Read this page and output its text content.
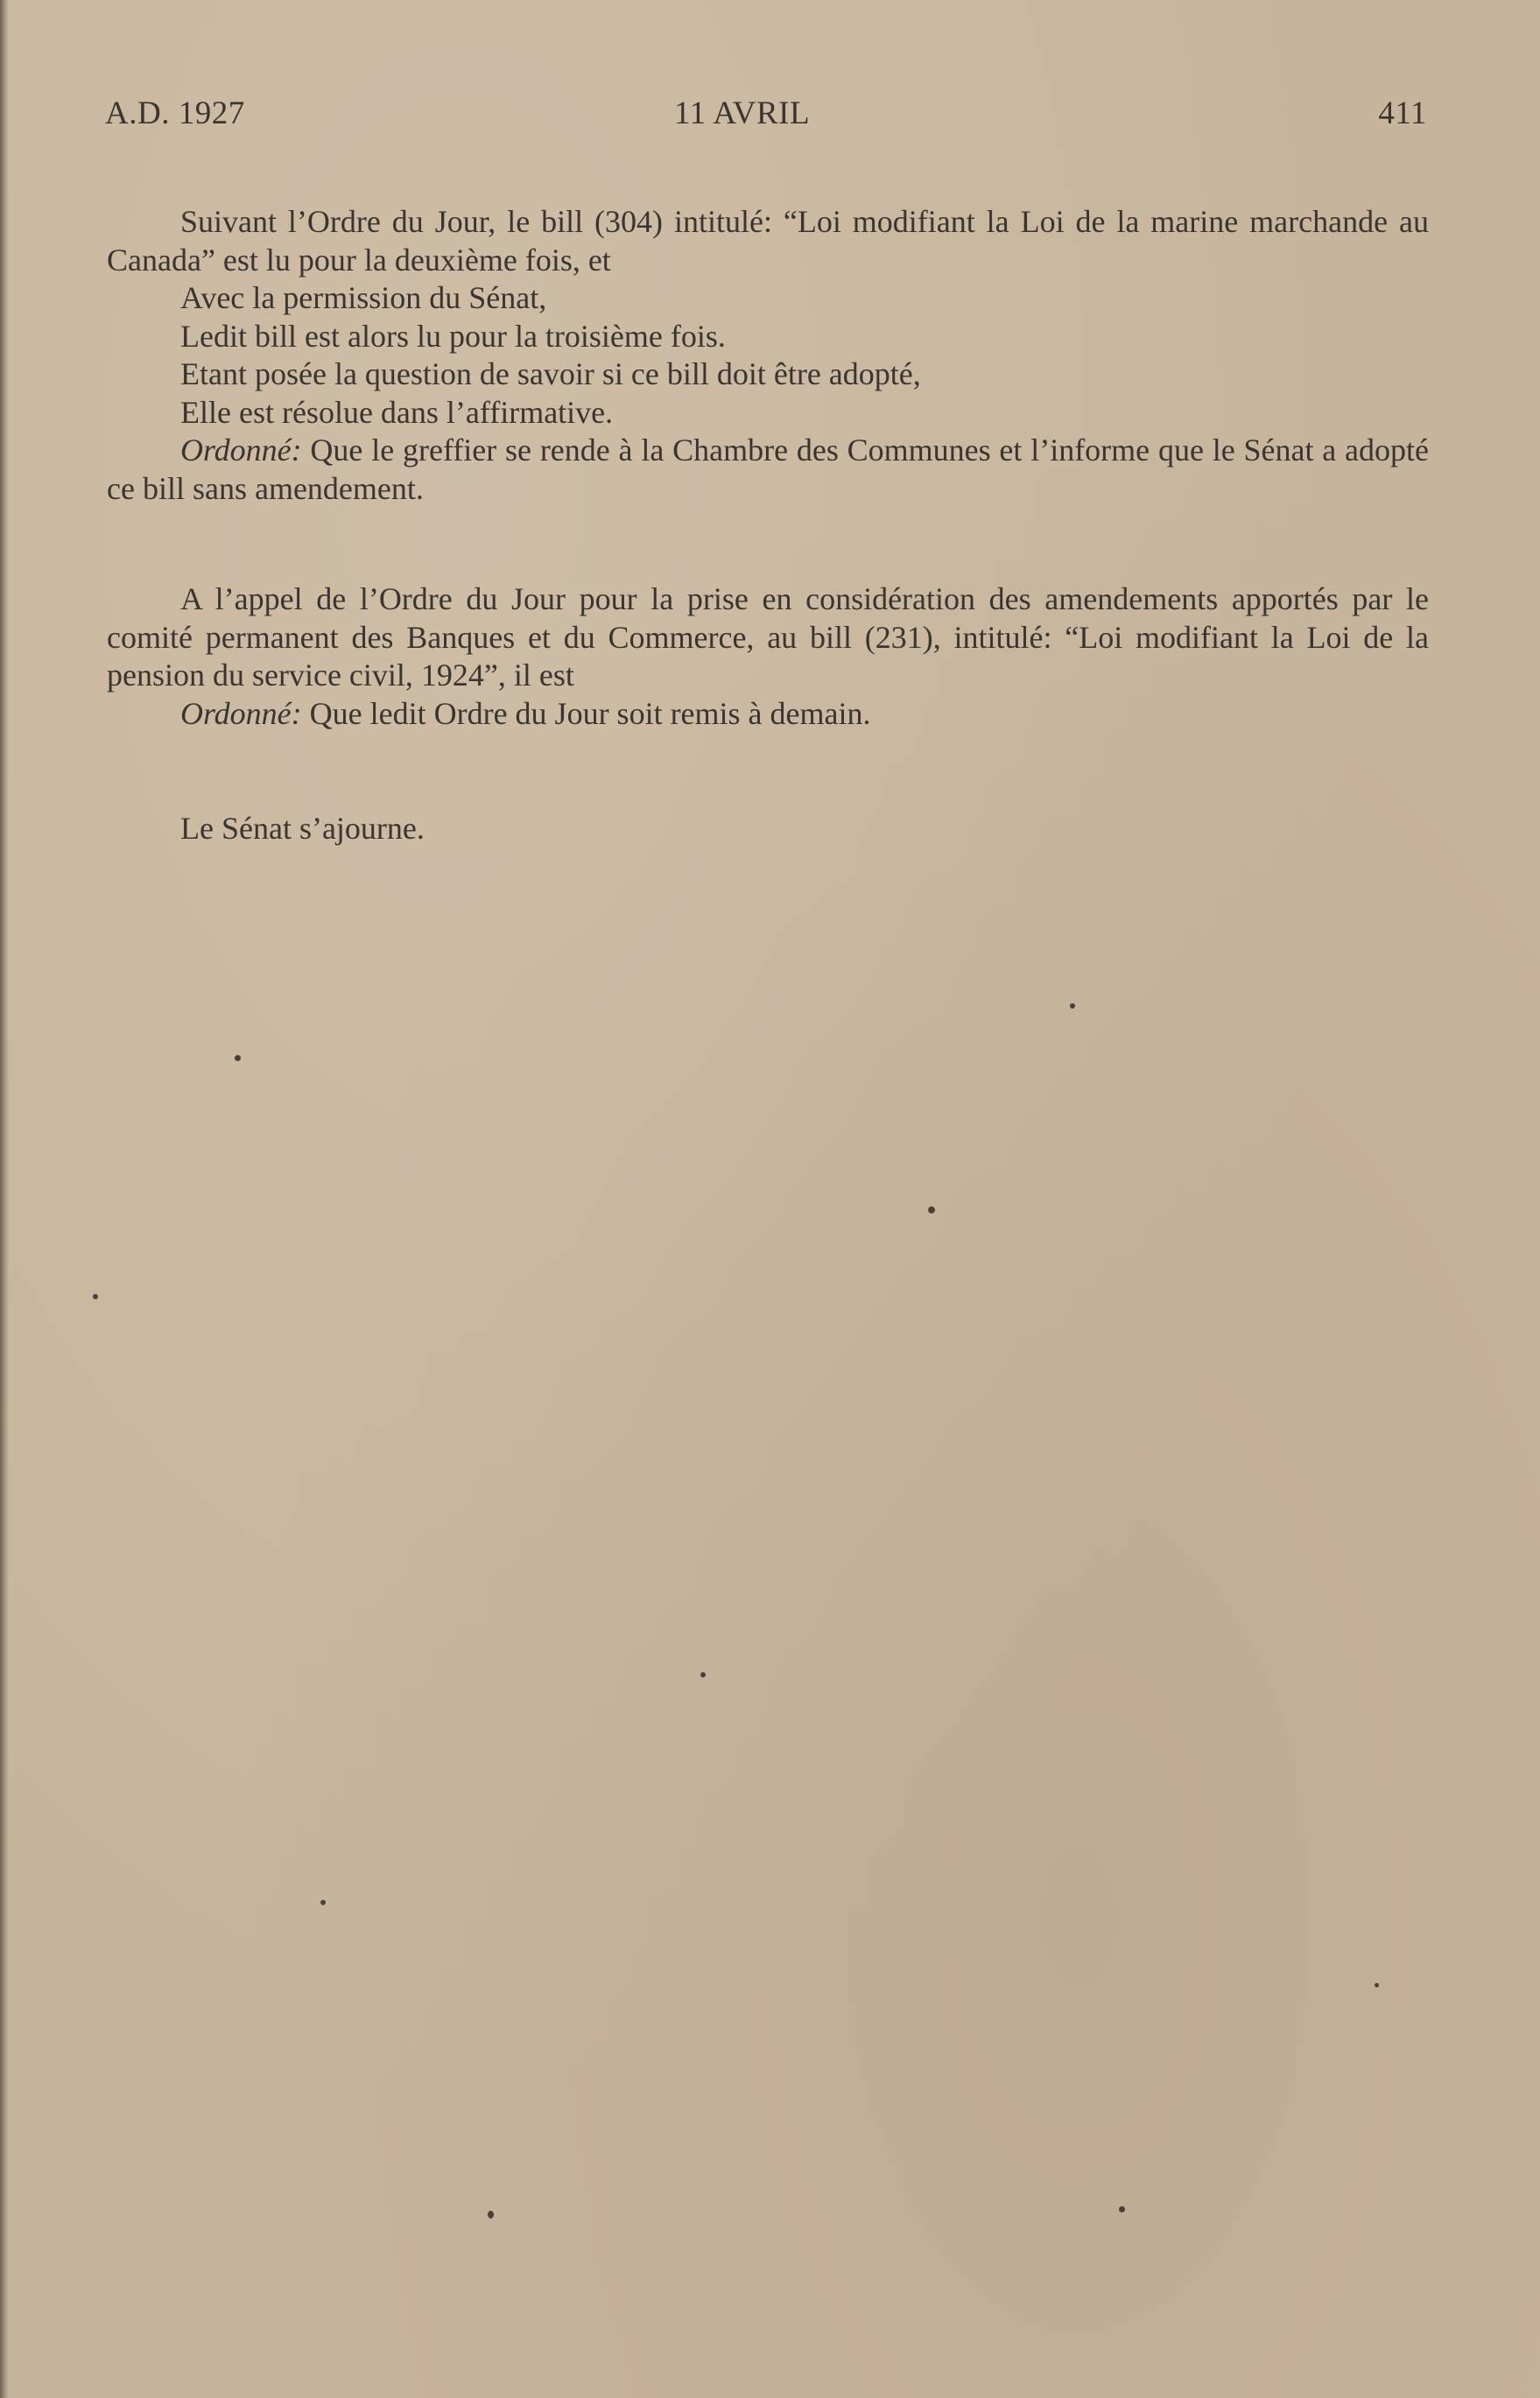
A.D. 1927	11 AVRIL	411

Suivant l’Ordre du Jour, le bill (304) intitulé: “Loi modifiant la Loi de la marine marchande au Canada” est lu pour la deuxième fois, et

Avec la permission du Sénat,

Ledit bill est alors lu pour la troisième fois.

Etant posée la question de savoir si ce bill doit être adopté,

Elle est résolue dans l’affirmative.

Ordonné: Que le greffier se rende à la Chambre des Communes et l’informe que le Sénat a adopté ce bill sans amendement.

A l’appel de l’Ordre du Jour pour la prise en considération des amendements apportés par le comité permanent des Banques et du Commerce, au bill (231), intitulé: “Loi modifiant la Loi de la pension du service civil, 1924”, il est

Ordonné: Que ledit Ordre du Jour soit remis à demain.

Le Sénat s’ajourne.
